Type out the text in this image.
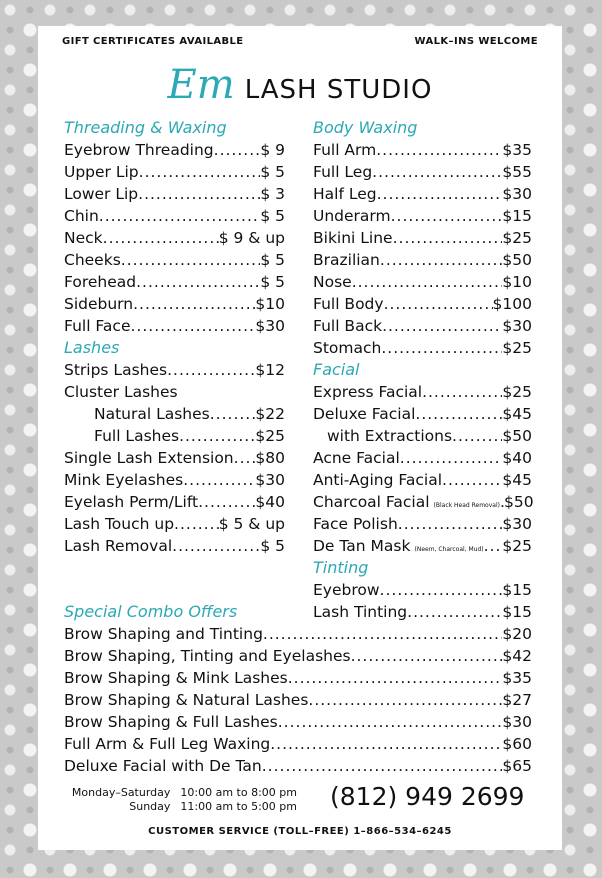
GIFT CERTIFICATES AVAILABLE	WALK–INS WELCOME
Em LASH STUDIO
Threading & Waxing
Eyebrow Threading .....	$ 9
Upper Lip .....	$ 5
Lower Lip .....	$ 3
Chin .....	$ 5
Neck .....	$ 9 & up
Cheeks .....	$ 5
Forehead .....	$ 5
Sideburn .....	$10
Full Face .....	$30
Lashes
Strips Lashes .....	$12
Cluster Lashes
Natural Lashes .....	$22
Full Lashes .....	$25
Single Lash Extension ..... $80
Mink Eyelashes .....	$30
Eyelash Perm/Lift .....	$40
Lash Touch up .....	$ 5 & up
Lash Removal .....	$ 5
Body Waxing
Full Arm .....	$35
Full Leg .....	$55
Half Leg .....	$30
Underarm .....	$15
Bikini Line .....	$25
Brazilian .....	$50
Nose .....	$10
Full Body .....	$100
Full Back .....	$30
Stomach .....	$25
Facial
Express Facial .....	$25
Deluxe Facial .....	$45
with Extractions .....	$50
Acne Facial .....	$40
Anti-Aging Facial .....	$45
Charcoal Facial (Black Head Removal) ..... $50
Face Polish .....	$30
De Tan Mask (Neem, Charcoal, Mud) ..... $25
Tinting
Eyebrow .....	$15
Lash Tinting .....	$15
Special Combo Offers
Brow Shaping and Tinting .....	$20
Brow Shaping, Tinting and Eyelashes .....	$42
Brow Shaping & Mink Lashes .....	$35
Brow Shaping & Natural Lashes .....	$27
Brow Shaping & Full Lashes .....	$30
Full Arm & Full Leg Waxing .....	$60
Deluxe Facial with De Tan .....	$65
Monday–Saturday 10:00 am to 8:00 pm
Sunday 11:00 am to 5:00 pm (812) 949 2699
CUSTOMER SERVICE (TOLL–FREE) 1–866–534–6245
